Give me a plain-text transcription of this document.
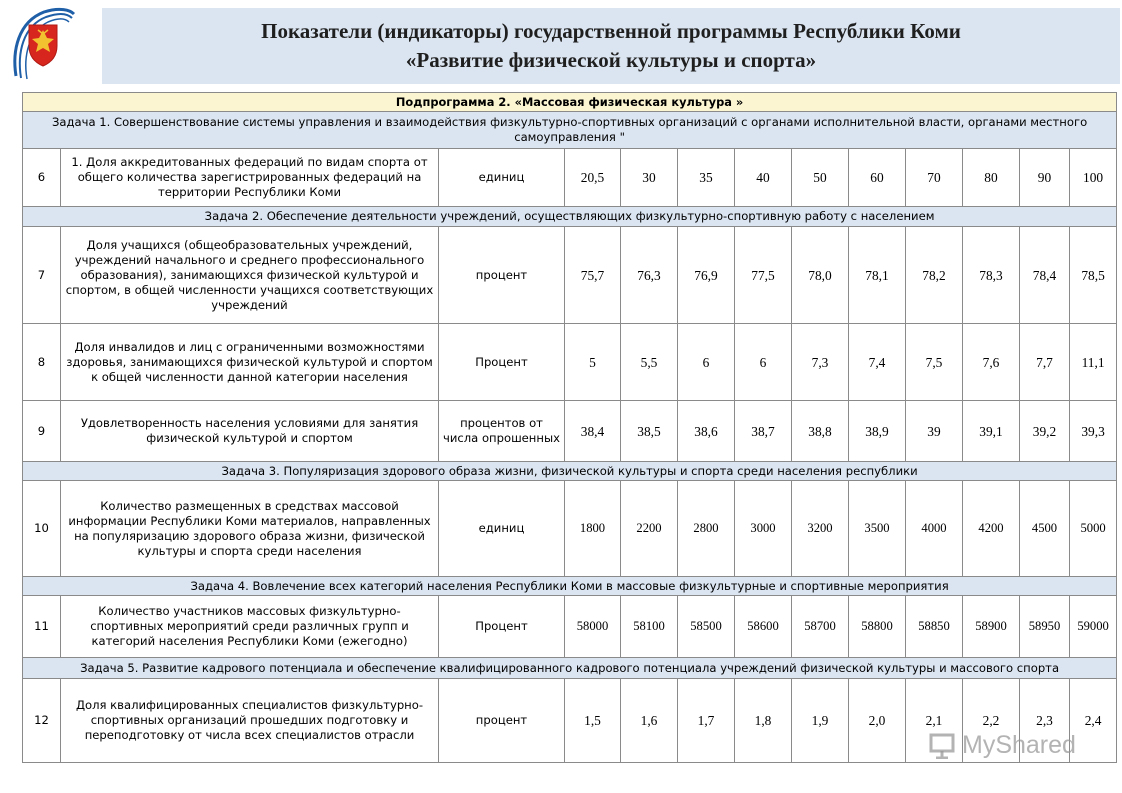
Показатели (индикаторы) государственной программы Республики Коми
«Развитие физической культуры и спорта»
Подпрограмма 2. «Массовая физическая культура »												
Задача 1. Совершенствование системы управления и взаимодействия физкультурно-спортивных организаций с органами исполнительной власти, органами местного самоуправления "												
6	1. Доля аккредитованных федераций по видам спорта от общего количества зарегистрированных федераций на территории Республики Коми	единиц	20,5	30	35	40	50	60	70	80	90	100
Задача 2. Обеспечение деятельности учреждений, осуществляющих физкультурно-спортивную работу с населением												
7	Доля учащихся (общеобразовательных учреждений, учреждений начального и среднего профессионального образования), занимающихся физической культурой и спортом, в общей численности учащихся соответствующих учреждений	процент	75,7	76,3	76,9	77,5	78,0	78,1	78,2	78,3	78,4	78,5
8	Доля инвалидов и лиц с ограниченными возможностями здоровья, занимающихся физической культурой и спортом к общей численности данной категории населения	Процент	5	5,5	6	6	7,3	7,4	7,5	7,6	7,7	11,1
9	Удовлетворенность населения условиями для занятия физической культурой и спортом	процентов от числа опрошенных	38,4	38,5	38,6	38,7	38,8	38,9	39	39,1	39,2	39,3
Задача 3. Популяризация здорового образа жизни, физической культуры и спорта среди населения республики												
10	Количество размещенных в средствах массовой информации Республики Коми материалов, направленных на популяризацию здорового образа жизни, физической культуры и спорта среди населения	единиц	1800	2200	2800	3000	3200	3500	4000	4200	4500	5000
Задача 4. Вовлечение всех категорий населения Республики Коми в массовые физкультурные и спортивные мероприятия												
11	Количество участников массовых физкультурно-спортивных мероприятий среди различных групп и категорий населения Республики Коми (ежегодно)	Процент	58000	58100	58500	58600	58700	58800	58850	58900	58950	59000
Задача 5. Развитие кадрового потенциала и обеспечение квалифицированного кадрового потенциала учреждений физической культуры и массового спорта												
12	Доля квалифицированных специалистов физкультурно-спортивных организаций прошедших подготовку и переподготовку от числа всех специалистов отрасли	процент	1,5	1,6	1,7	1,8	1,9	2,0	2,1	2,2	2,3	2,4
MyShared
